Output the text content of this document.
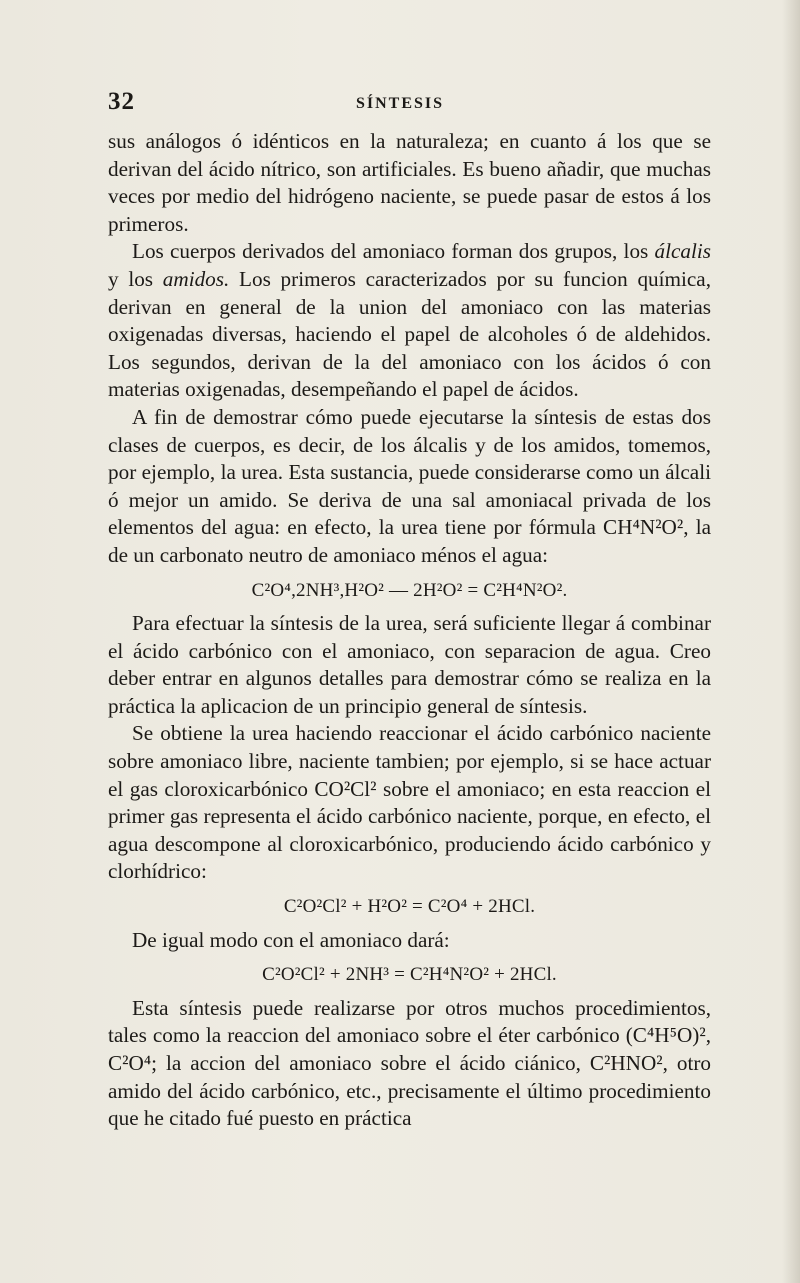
32	SÍNTESIS

sus análogos ó idénticos en la naturaleza; en cuanto á los que se derivan del ácido nítrico, son artificiales. Es bueno añadir, que muchas veces por medio del hidrógeno naciente, se puede pasar de estos á los primeros.

Los cuerpos derivados del amoniaco forman dos grupos, los álcalis y los amidos. Los primeros caracterizados por su funcion química, derivan en general de la union del amoniaco con las materias oxigenadas diversas, haciendo el papel de alcoholes ó de aldehidos. Los segundos, derivan de la del amoniaco con los ácidos ó con materias oxigenadas, desempeñando el papel de ácidos.

A fin de demostrar cómo puede ejecutarse la síntesis de estas dos clases de cuerpos, es decir, de los álcalis y de los amidos, tomemos, por ejemplo, la urea. Esta sustancia, puede considerarse como un álcali ó mejor un amido. Se deriva de una sal amoniacal privada de los elementos del agua: en efecto, la urea tiene por fórmula CH⁴N²O², la de un carbonato neutro de amoniaco ménos el agua:

C²O⁴,2NH³,H²O² — 2H²O² = C²H⁴N²O².

Para efectuar la síntesis de la urea, será suficiente llegar á combinar el ácido carbónico con el amoniaco, con separacion de agua. Creo deber entrar en algunos detalles para demostrar cómo se realiza en la práctica la aplicacion de un principio general de síntesis.

Se obtiene la urea haciendo reaccionar el ácido carbónico naciente sobre amoniaco libre, naciente tambien; por ejemplo, si se hace actuar el gas cloroxicarbónico CO²Cl² sobre el amoniaco; en esta reaccion el primer gas representa el ácido carbónico naciente, porque, en efecto, el agua descompone al cloroxicarbónico, produciendo ácido carbónico y clorhídrico:

C²O²Cl² + H²O² = C²O⁴ + 2HCl.

De igual modo con el amoniaco dará:

C²O²Cl² + 2NH³ = C²H⁴N²O² + 2HCl.

Esta síntesis puede realizarse por otros muchos procedimientos, tales como la reaccion del amoniaco sobre el éter carbónico (C⁴H⁵O)², C²O⁴; la accion del amoniaco sobre el ácido ciánico, C²HNO², otro amido del ácido carbónico, etc., precisamente el último procedimiento que he citado fué puesto en práctica
